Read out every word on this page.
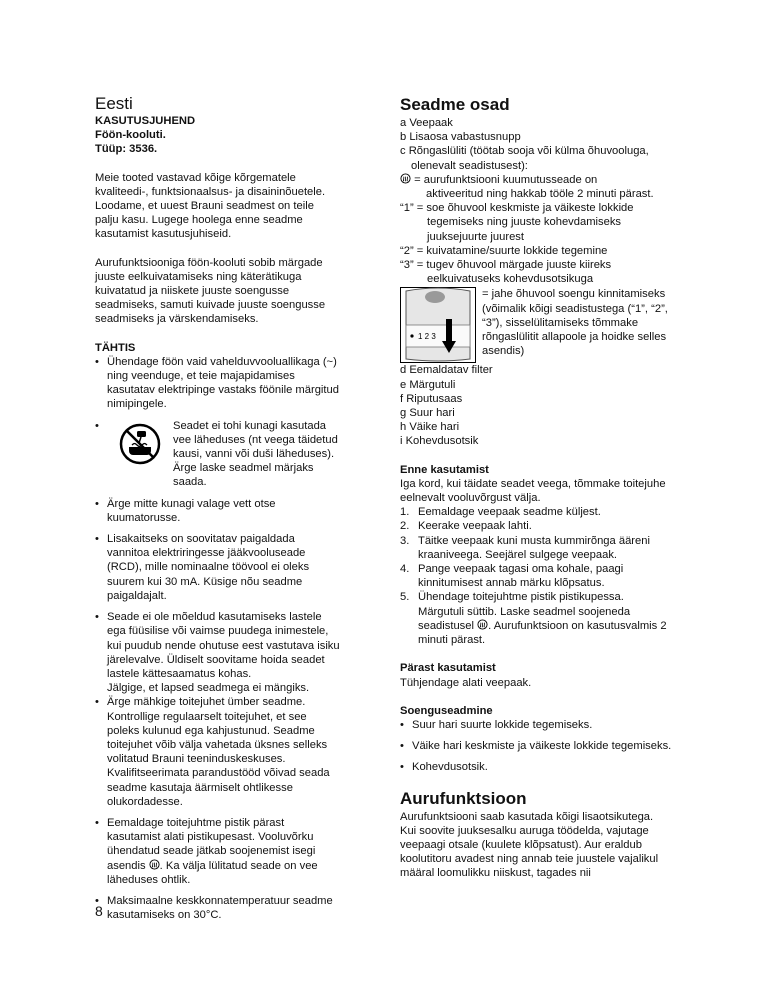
Eesti

KASUTUSJUHEND

Föön-kooluti.

Tüüp: 3536.

Meie tooted vastavad kõige kõrgematele kvaliteedi-, funktsionaalsus- ja disaininõuetele. Loodame, et uuest Brauni seadmest on teile palju kasu. Lugege hoolega enne seadme kasutamist kasutusjuhiseid.

Aurufunktsiooniga föön-kooluti sobib märgade juuste eelkuivatamiseks ning käterätikuga kuivatatud ja niiskete juuste soengusse seadmiseks, samuti kuivade juuste soengusse seadmiseks ja värskendamiseks.

TÄHTIS

• Ühendage föön vaid vahelduvvooluallikaga (~) ning veenduge, et teie majapidamises kasutatav elektripinge vastaks föönile märgitud nimipingele.
• Seadet ei tohi kunagi kasutada vee läheduses (nt veega täidetud kausi, vanni või duši läheduses). Ärge laske seadmel märjaks saada.
• Ärge mitte kunagi valage vett otse kuumatorusse.
• Lisakaitseks on soovitatav paigaldada vannitoa elektriringesse jääkvooluseade (RCD), mille nominaalne töövool ei oleks suurem kui 30 mA. Küsige nõu seadme paigaldajalt.
• Seade ei ole mõeldud kasutamiseks lastele ega füüsilise või vaimse puudega inimestele, kui puudub nende ohutuse eest vastutava isiku järelevalve. Üldiselt soovitame hoida seadet lastele kättesaamatus kohas.

Jälgige, et lapsed seadmega ei mängiks.

• Ärge mähkige toitejuhet ümber seadme. Kontrollige regulaarselt toitejuhet, et see poleks kulunud ega kahjustunud. Seadme toitejuhet võib välja vahetada üksnes selleks volitatud Brauni teeninduskeskuses. Kvalifitseerimata parandustööd võivad seada seadme kasutaja äärmiselt ohtlikesse olukordadesse.
• Eemaldage toitejuhtme pistik pärast kasutamist alati pistikupesast. Vooluvõrku ühendatud seade jätkab soojenemist isegi asendis . Ka välja lülitatud seade on vee läheduses ohtlik.
• Maksimaalne keskkonnatemperatuur seadme kasutamiseks on 30°C.
Seadme osad

a Veepaak

b Lisaosa vabastusnupp

c Rõngaslüliti (töötab sooja või külma õhuvooluga, olenevalt seadistusest):

= aurufunktsiooni kuumutusseade on

aktiveeritud ning hakkab tööle 2 minuti pärast.

“1” = soe õhuvool keskmiste ja väikeste lokkide

tegemiseks ning juuste kohevdamiseks juuksejuurte juurest

“2” = kuivatamine/suurte lokkide tegemine

“3” = tugev õhuvool märgade juuste kiireks

eelkuivatuseks kohevdusotsikuga

1 2 3

= jahe õhuvool soengu kinnitamiseks (võimalik kõigi seadistustega (“1”, “2”, “3”), sisselülitamiseks tõmmake rõngaslülitit allapoole ja hoidke selles asendis)

d Eemaldatav filter

e Märgutuli

f Riputusaas

g Suur hari

h Väike hari

i Kohevdusotsik

Enne kasutamist

Iga kord, kui täidate seadet veega, tõmmake toitejuhe eelnevalt vooluvõrgust välja.

1. Eemaldage veepaak seadme küljest.
2. Keerake veepaak lahti.
3. Täitke veepaak kuni musta kummirõnga ääreni kraaniveega. Seejärel sulgege veepaak.
4. Pange veepaak tagasi oma kohale, paagi kinnitumisest annab märku klõpsatus.
5. Ühendage toitejuhtme pistik pistikupessa. Märgutuli süttib. Laske seadmel soojeneda seadistusel . Aurufunktsioon on kasutusvalmis 2 minuti pärast.

Pärast kasutamist

Tühjendage alati veepaak.

Soenguseadmine

• Suur hari suurte lokkide tegemiseks.
• Väike hari keskmiste ja väikeste lokkide tegemiseks.
• Kohevdusotsik.
Aurufunktsioon

Aurufunktsiooni saab kasutada kõigi lisaotsikutega. Kui soovite juuksesalku auruga töödelda, vajutage veepaagi otsale (kuulete klõpsatust). Aur eraldub koolutitoru avadest ning annab teie juustele vajalikul määral loomulikku niiskust, tagades nii

8
